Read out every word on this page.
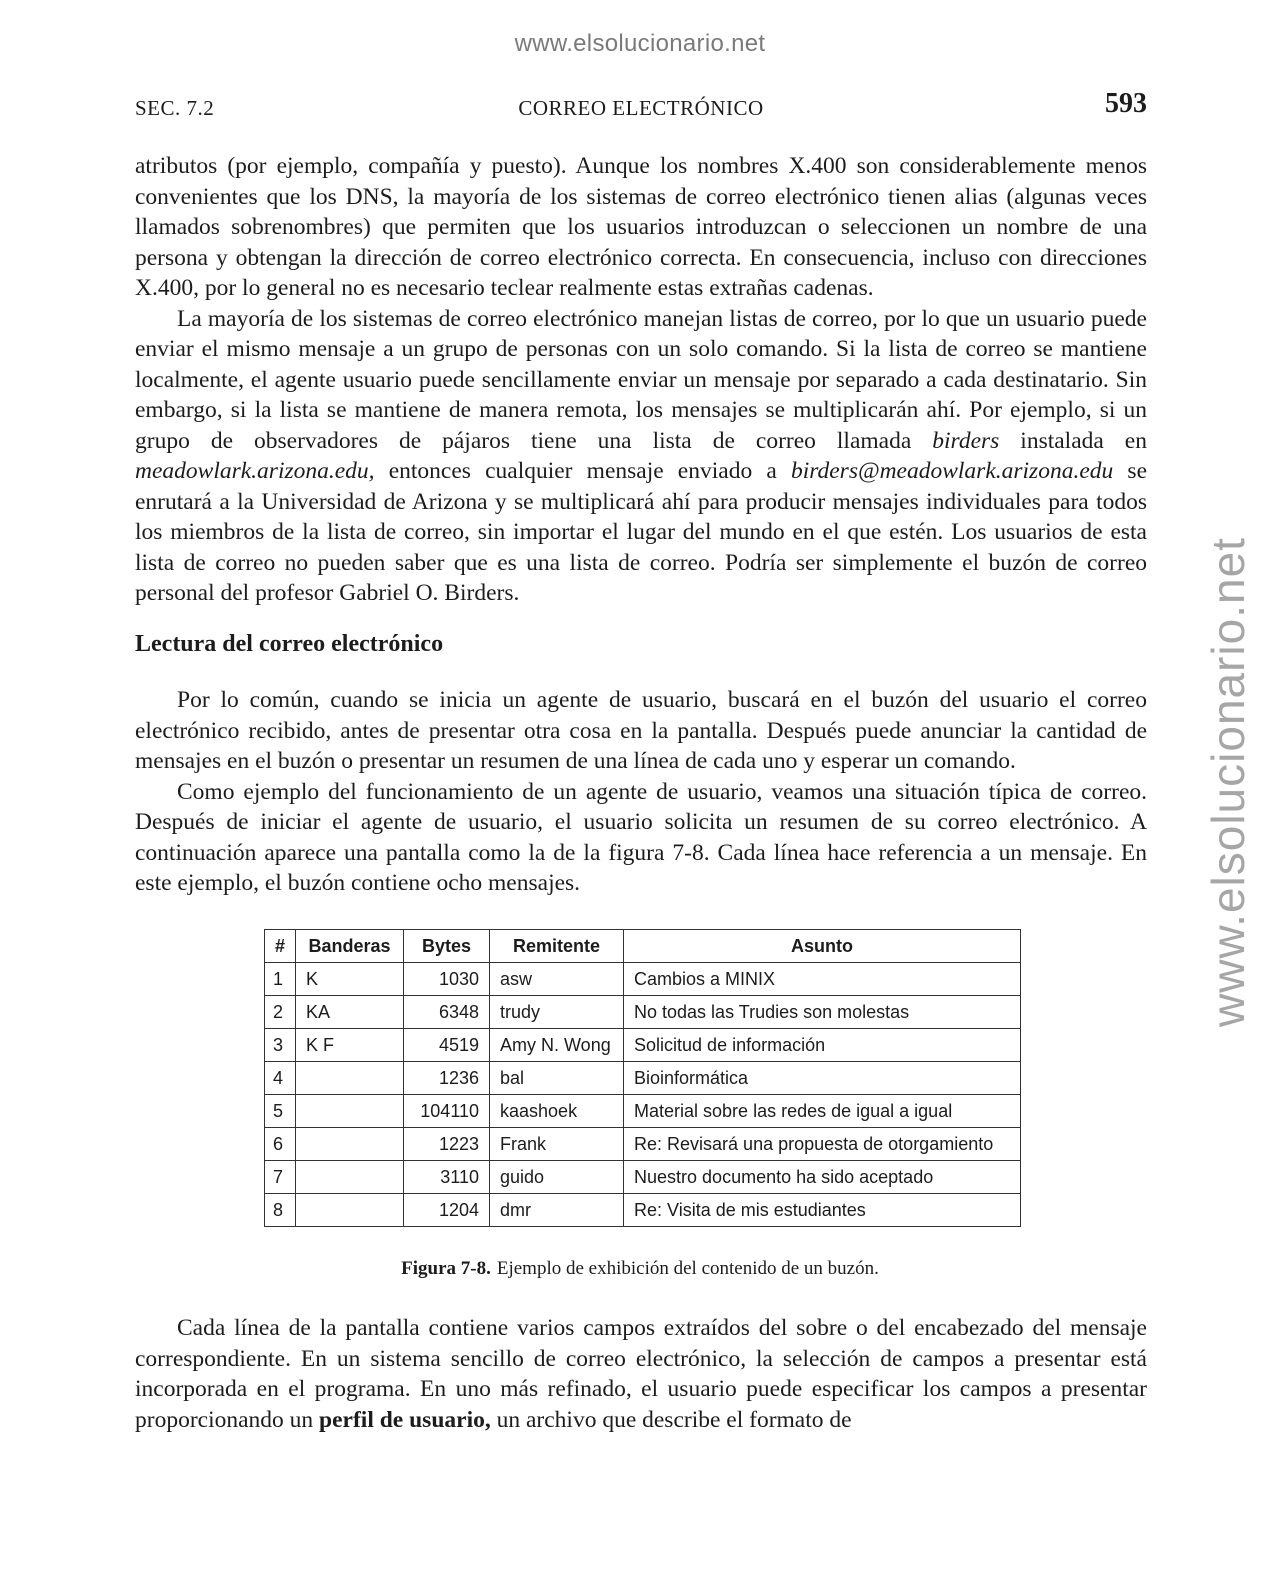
www.elsolucionario.net
www.elsolucionario.net
SEC. 7.2	CORREO ELECTRÓNICO	593

atributos (por ejemplo, compañía y puesto). Aunque los nombres X.400 son considerablemente menos convenientes que los DNS, la mayoría de los sistemas de correo electrónico tienen alias (algunas veces llamados sobrenombres) que permiten que los usuarios introduzcan o seleccionen un nombre de una persona y obtengan la dirección de correo electrónico correcta. En consecuencia, incluso con direcciones X.400, por lo general no es necesario teclear realmente estas extrañas cadenas.

La mayoría de los sistemas de correo electrónico manejan listas de correo, por lo que un usuario puede enviar el mismo mensaje a un grupo de personas con un solo comando. Si la lista de correo se mantiene localmente, el agente usuario puede sencillamente enviar un mensaje por separado a cada destinatario. Sin embargo, si la lista se mantiene de manera remota, los mensajes se multiplicarán ahí. Por ejemplo, si un grupo de observadores de pájaros tiene una lista de correo llamada birders instalada en meadowlark.arizona.edu, entonces cualquier mensaje enviado a birders@meadowlark.arizona.edu se enrutará a la Universidad de Arizona y se multiplicará ahí para producir mensajes individuales para todos los miembros de la lista de correo, sin importar el lugar del mundo en el que estén. Los usuarios de esta lista de correo no pueden saber que es una lista de correo. Podría ser simplemente el buzón de correo personal del profesor Gabriel O. Birders.

Lectura del correo electrónico

Por lo común, cuando se inicia un agente de usuario, buscará en el buzón del usuario el correo electrónico recibido, antes de presentar otra cosa en la pantalla. Después puede anunciar la cantidad de mensajes en el buzón o presentar un resumen de una línea de cada uno y esperar un comando.

Como ejemplo del funcionamiento de un agente de usuario, veamos una situación típica de correo. Después de iniciar el agente de usuario, el usuario solicita un resumen de su correo electrónico. A continuación aparece una pantalla como la de la figura 7-8. Cada línea hace referencia a un mensaje. En este ejemplo, el buzón contiene ocho mensajes.

#	Banderas	Bytes	Remitente	Asunto
1	K	1030	asw	Cambios a MINIX
2	KA	6348	trudy	No todas las Trudies son molestas
3	K F	4519	Amy N. Wong	Solicitud de información
4		1236	bal	Bioinformática
5		104110	kaashoek	Material sobre las redes de igual a igual
6		1223	Frank	Re: Revisará una propuesta de otorgamiento
7		3110	guido	Nuestro documento ha sido aceptado
8		1204	dmr	Re: Visita de mis estudiantes
Figura 7-8. Ejemplo de exhibición del contenido de un buzón.

Cada línea de la pantalla contiene varios campos extraídos del sobre o del encabezado del mensaje correspondiente. En un sistema sencillo de correo electrónico, la selección de campos a presentar está incorporada en el programa. En uno más refinado, el usuario puede especificar los campos a presentar proporcionando un perfil de usuario, un archivo que describe el formato de
